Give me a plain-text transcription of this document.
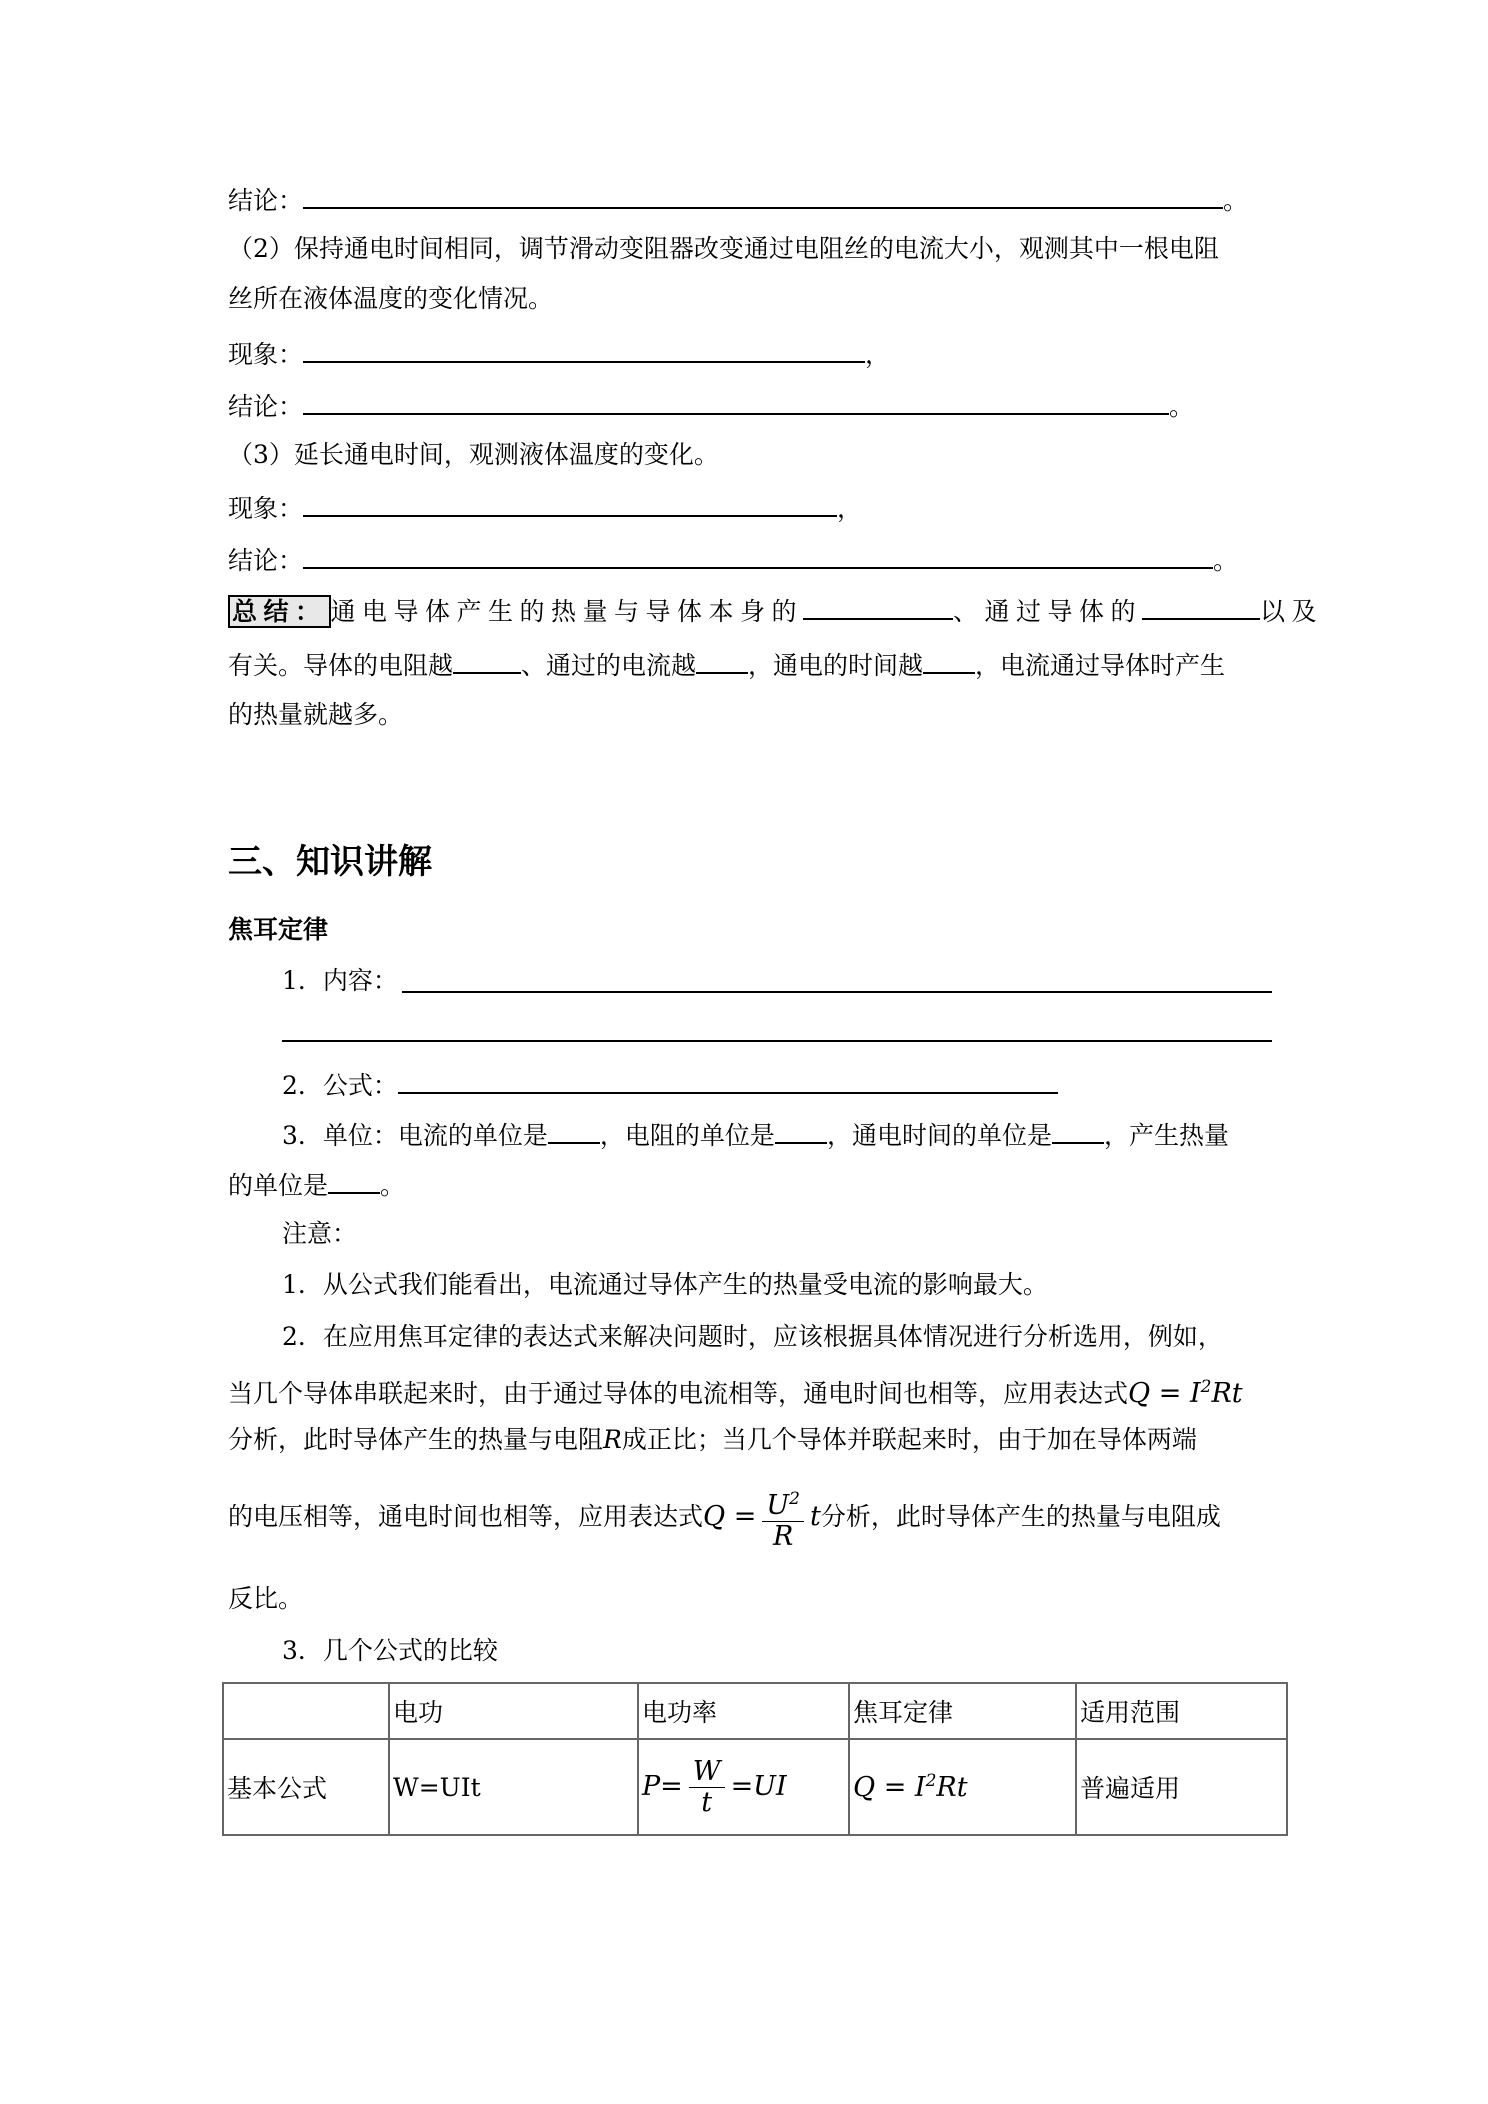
结论：	。
（2）保持通电时间相同，调节滑动变阻器改变通过电阻丝的电流大小，观测其中一根电阻
丝所在液体温度的变化情况。
现象：	，
结论：	。
（3）延长通电时间，观测液体温度的变化。
现象：	，
结论：	。
总结： 通电导体产生的热量与导体本身的	、通过导体的	以及
有关。导体的电阻越	、通过的电流越 ，通电的时间越 ，电流通过导体时产生
的热量就越多。
三、知识讲解
焦耳定律
1．内容：
2．公式：
3．单位：电流的单位是 ，电阻的单位是 ，通电时间的单位是 ，产生热量
的单位是 。
注意：
1．从公式我们能看出，电流通过导体产生的热量受电流的影响最大。
2．在应用焦耳定律的表达式来解决问题时，应该根据具体情况进行分析选用，例如，
当几个导体串联起来时，由于通过导体的电流相等，通电时间也相等，应用表达式$Q = I^2Rt$
分析，此时导体产生的热量与电阻R成正比；当几个导体并联起来时，由于加在导体两端
的电压相等，通电时间也相等，应用表达式$Q = \frac{U^2}{R}$ t分析，此时导体产生的热量与电阻成
反比。
3．几个公式的比较
	电功	电功率	焦耳定律	适用范围
基本公式	W=UIt	$P= \frac{W}{t} =UI$	$Q = I^2Rt$	普遍适用
